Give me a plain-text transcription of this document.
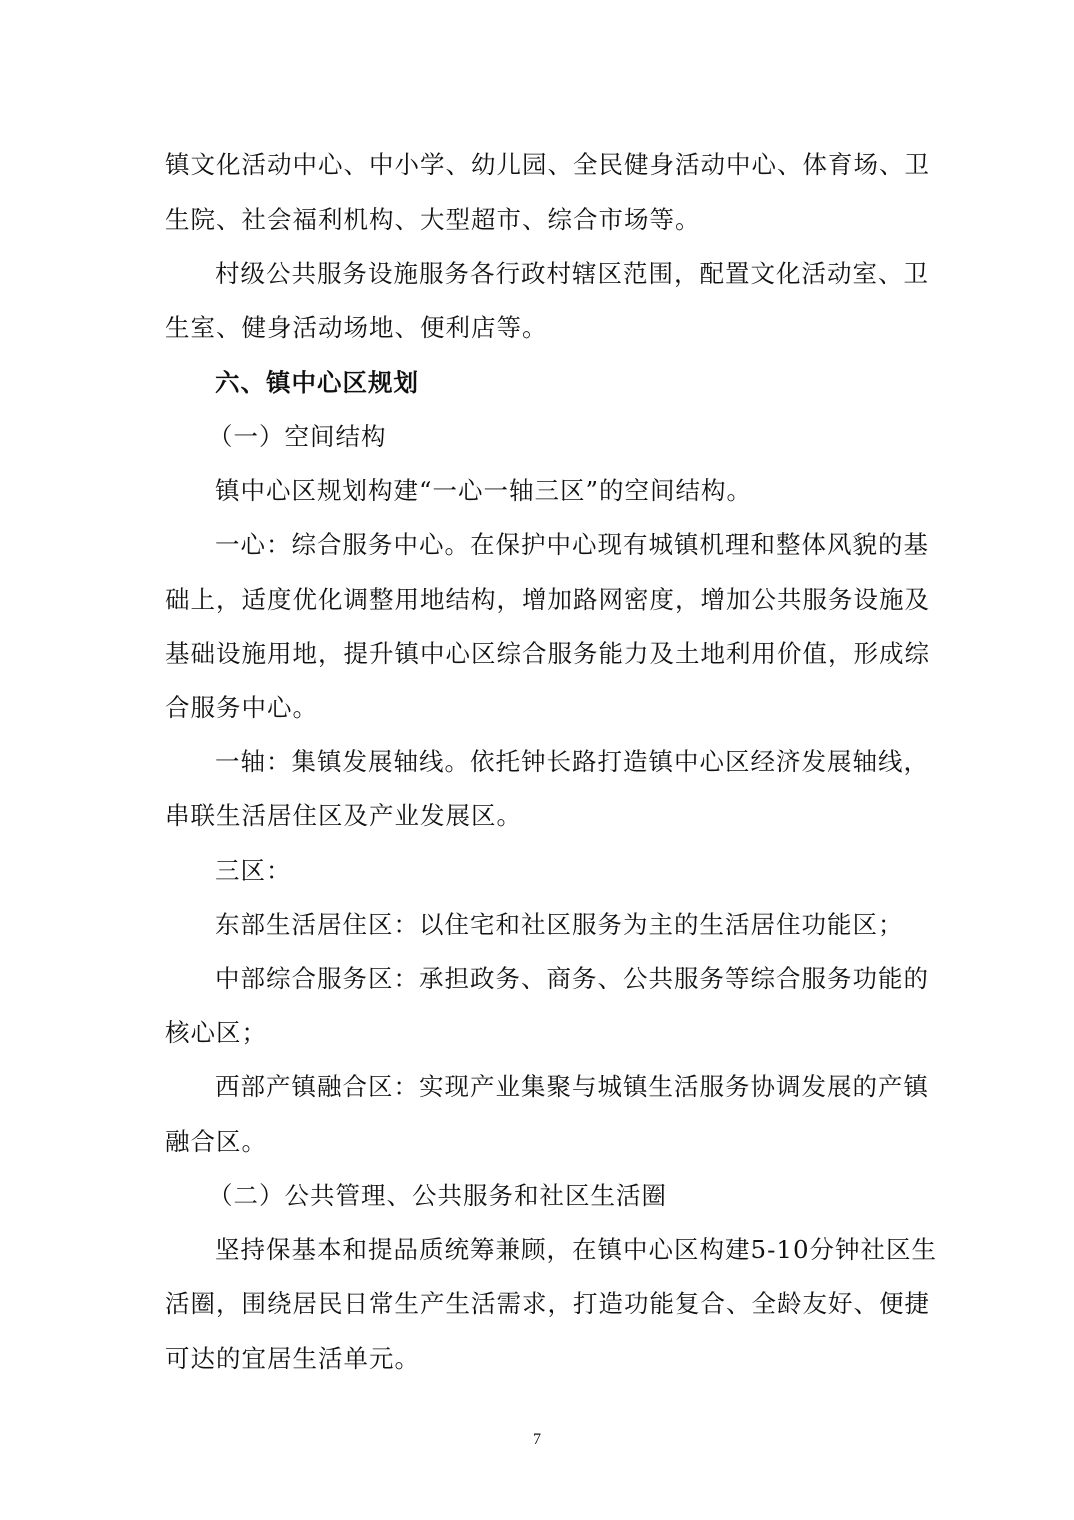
镇文化活动中心、中小学、幼儿园、全民健身活动中心、体育场、卫
生院、社会福利机构、大型超市、综合市场等。
村级公共服务设施服务各行政村辖区范围，配置文化活动室、卫
生室、健身活动场地、便利店等。
六、镇中心区规划
（一）空间结构
镇中心区规划构建“一心一轴三区”的空间结构。
一心：综合服务中心。在保护中心现有城镇机理和整体风貌的基
础上，适度优化调整用地结构，增加路网密度，增加公共服务设施及
基础设施用地，提升镇中心区综合服务能力及土地利用价值，形成综
合服务中心。
一轴：集镇发展轴线。依托钟长路打造镇中心区经济发展轴线，
串联生活居住区及产业发展区。
三区：
东部生活居住区：以住宅和社区服务为主的生活居住功能区；
中部综合服务区：承担政务、商务、公共服务等综合服务功能的
核心区；
西部产镇融合区：实现产业集聚与城镇生活服务协调发展的产镇
融合区。
（二）公共管理、公共服务和社区生活圈
坚持保基本和提品质统筹兼顾，在镇中心区构建5-10分钟社区生
活圈，围绕居民日常生产生活需求，打造功能复合、全龄友好、便捷
可达的宜居生活单元。
7
